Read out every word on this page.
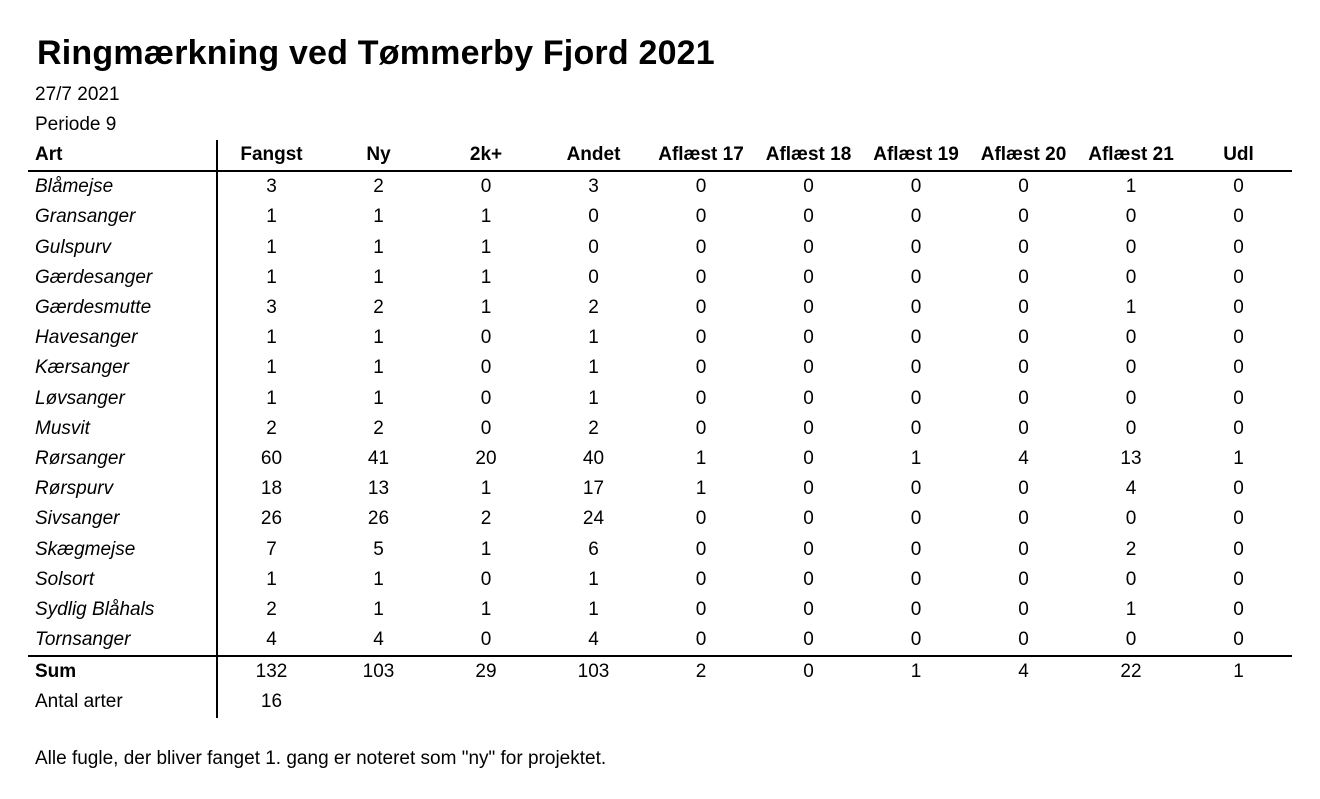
Ringmærkning ved Tømmerby Fjord 2021
27/7 2021
Periode 9
Art	Fangst	Ny	2k+	Andet	Aflæst 17	Aflæst 18	Aflæst 19	Aflæst 20	Aflæst 21	Udl
Blåmejse	3	2	0	3	0	0	0	0	1	0
Gransanger	1	1	1	0	0	0	0	0	0	0
Gulspurv	1	1	1	0	0	0	0	0	0	0
Gærdesanger	1	1	1	0	0	0	0	0	0	0
Gærdesmutte	3	2	1	2	0	0	0	0	1	0
Havesanger	1	1	0	1	0	0	0	0	0	0
Kærsanger	1	1	0	1	0	0	0	0	0	0
Løvsanger	1	1	0	1	0	0	0	0	0	0
Musvit	2	2	0	2	0	0	0	0	0	0
Rørsanger	60	41	20	40	1	0	1	4	13	1
Rørspurv	18	13	1	17	1	0	0	0	4	0
Sivsanger	26	26	2	24	0	0	0	0	0	0
Skægmejse	7	5	1	6	0	0	0	0	2	0
Solsort	1	1	0	1	0	0	0	0	0	0
Sydlig Blåhals	2	1	1	1	0	0	0	0	1	0
Tornsanger	4	4	0	4	0	0	0	0	0	0
Sum	132	103	29	103	2	0	1	4	22	1
Antal arter	16									
Alle fugle, der bliver fanget 1. gang er noteret som "ny" for projektet.
